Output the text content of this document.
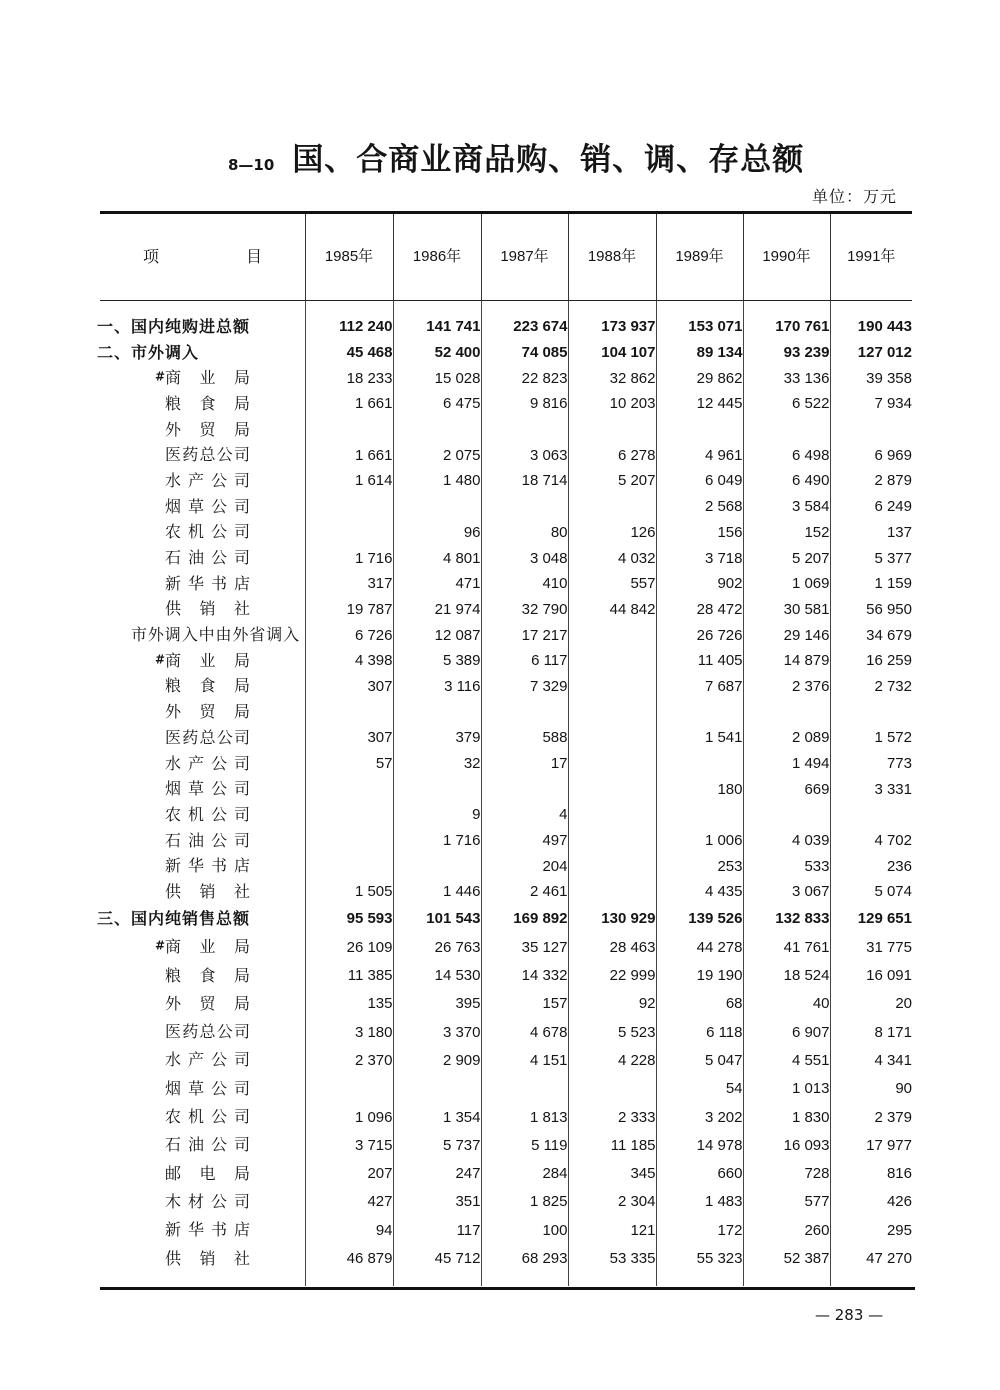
8—10 国、合商业商品购、销、调、存总额
单位：万元
项目	1985年	1986年	1987年	1988年	1989年	1990年	1991年

一、国内纯购进总额	112 240	141 741	223 674	173 937	153 071	170 761	190 443
二、市外调入	45 468	52 400	74 085	104 107	89 134	93 239	127 012

# 商业局	18 233	15 028	22 823	32 862	29 862	33 136	39 358
粮食局	1 661	6 475	9 816	10 203	12 445	6 522	7 934
外贸局							
医药总公司	1 661	2 075	3 063	6 278	4 961	6 498	6 969
水产公司	1 614	1 480	18 714	5 207	6 049	6 490	2 879
烟草公司					2 568	3 584	6 249
农机公司		96	80	126	156	152	137
石油公司	1 716	4 801	3 048	4 032	3 718	5 207	5 377
新华书店	317	471	410	557	902	1 069	1 159
供销社	19 787	21 974	32 790	44 842	28 472	30 581	56 950
市外调入中由外省调入	6 726	12 087	17 217		26 726	29 146	34 679

# 商业局	4 398	5 389	6 117		11 405	14 879	16 259
粮食局	307	3 116	7 329		7 687	2 376	2 732
外贸局							
医药总公司	307	379	588		1 541	2 089	1 572
水产公司	57	32	17			1 494	773
烟草公司					180	669	3 331
农机公司		9	4				
石油公司		1 716	497		1 006	4 039	4 702
新华书店			204		253	533	236
供销社	1 505	1 446	2 461		4 435	3 067	5 074
三、国内纯销售总额	95 593	101 543	169 892	130 929	139 526	132 833	129 651

# 商业局	26 109	26 763	35 127	28 463	44 278	41 761	31 775
粮食局	11 385	14 530	14 332	22 999	19 190	18 524	16 091
外贸局	135	395	157	92	68	40	20
医药总公司	3 180	3 370	4 678	5 523	6 118	6 907	8 171
水产公司	2 370	2 909	4 151	4 228	5 047	4 551	4 341
烟草公司					54	1 013	90
农机公司	1 096	1 354	1 813	2 333	3 202	1 830	2 379
石油公司	3 715	5 737	5 119	11 185	14 978	16 093	17 977
邮电局	207	247	284	345	660	728	816
木材公司	427	351	1 825	2 304	1 483	577	426
新华书店	94	117	100	121	172	260	295
供销社	46 879	45 712	68 293	53 335	55 323	52 387	47 270

— 283 —
